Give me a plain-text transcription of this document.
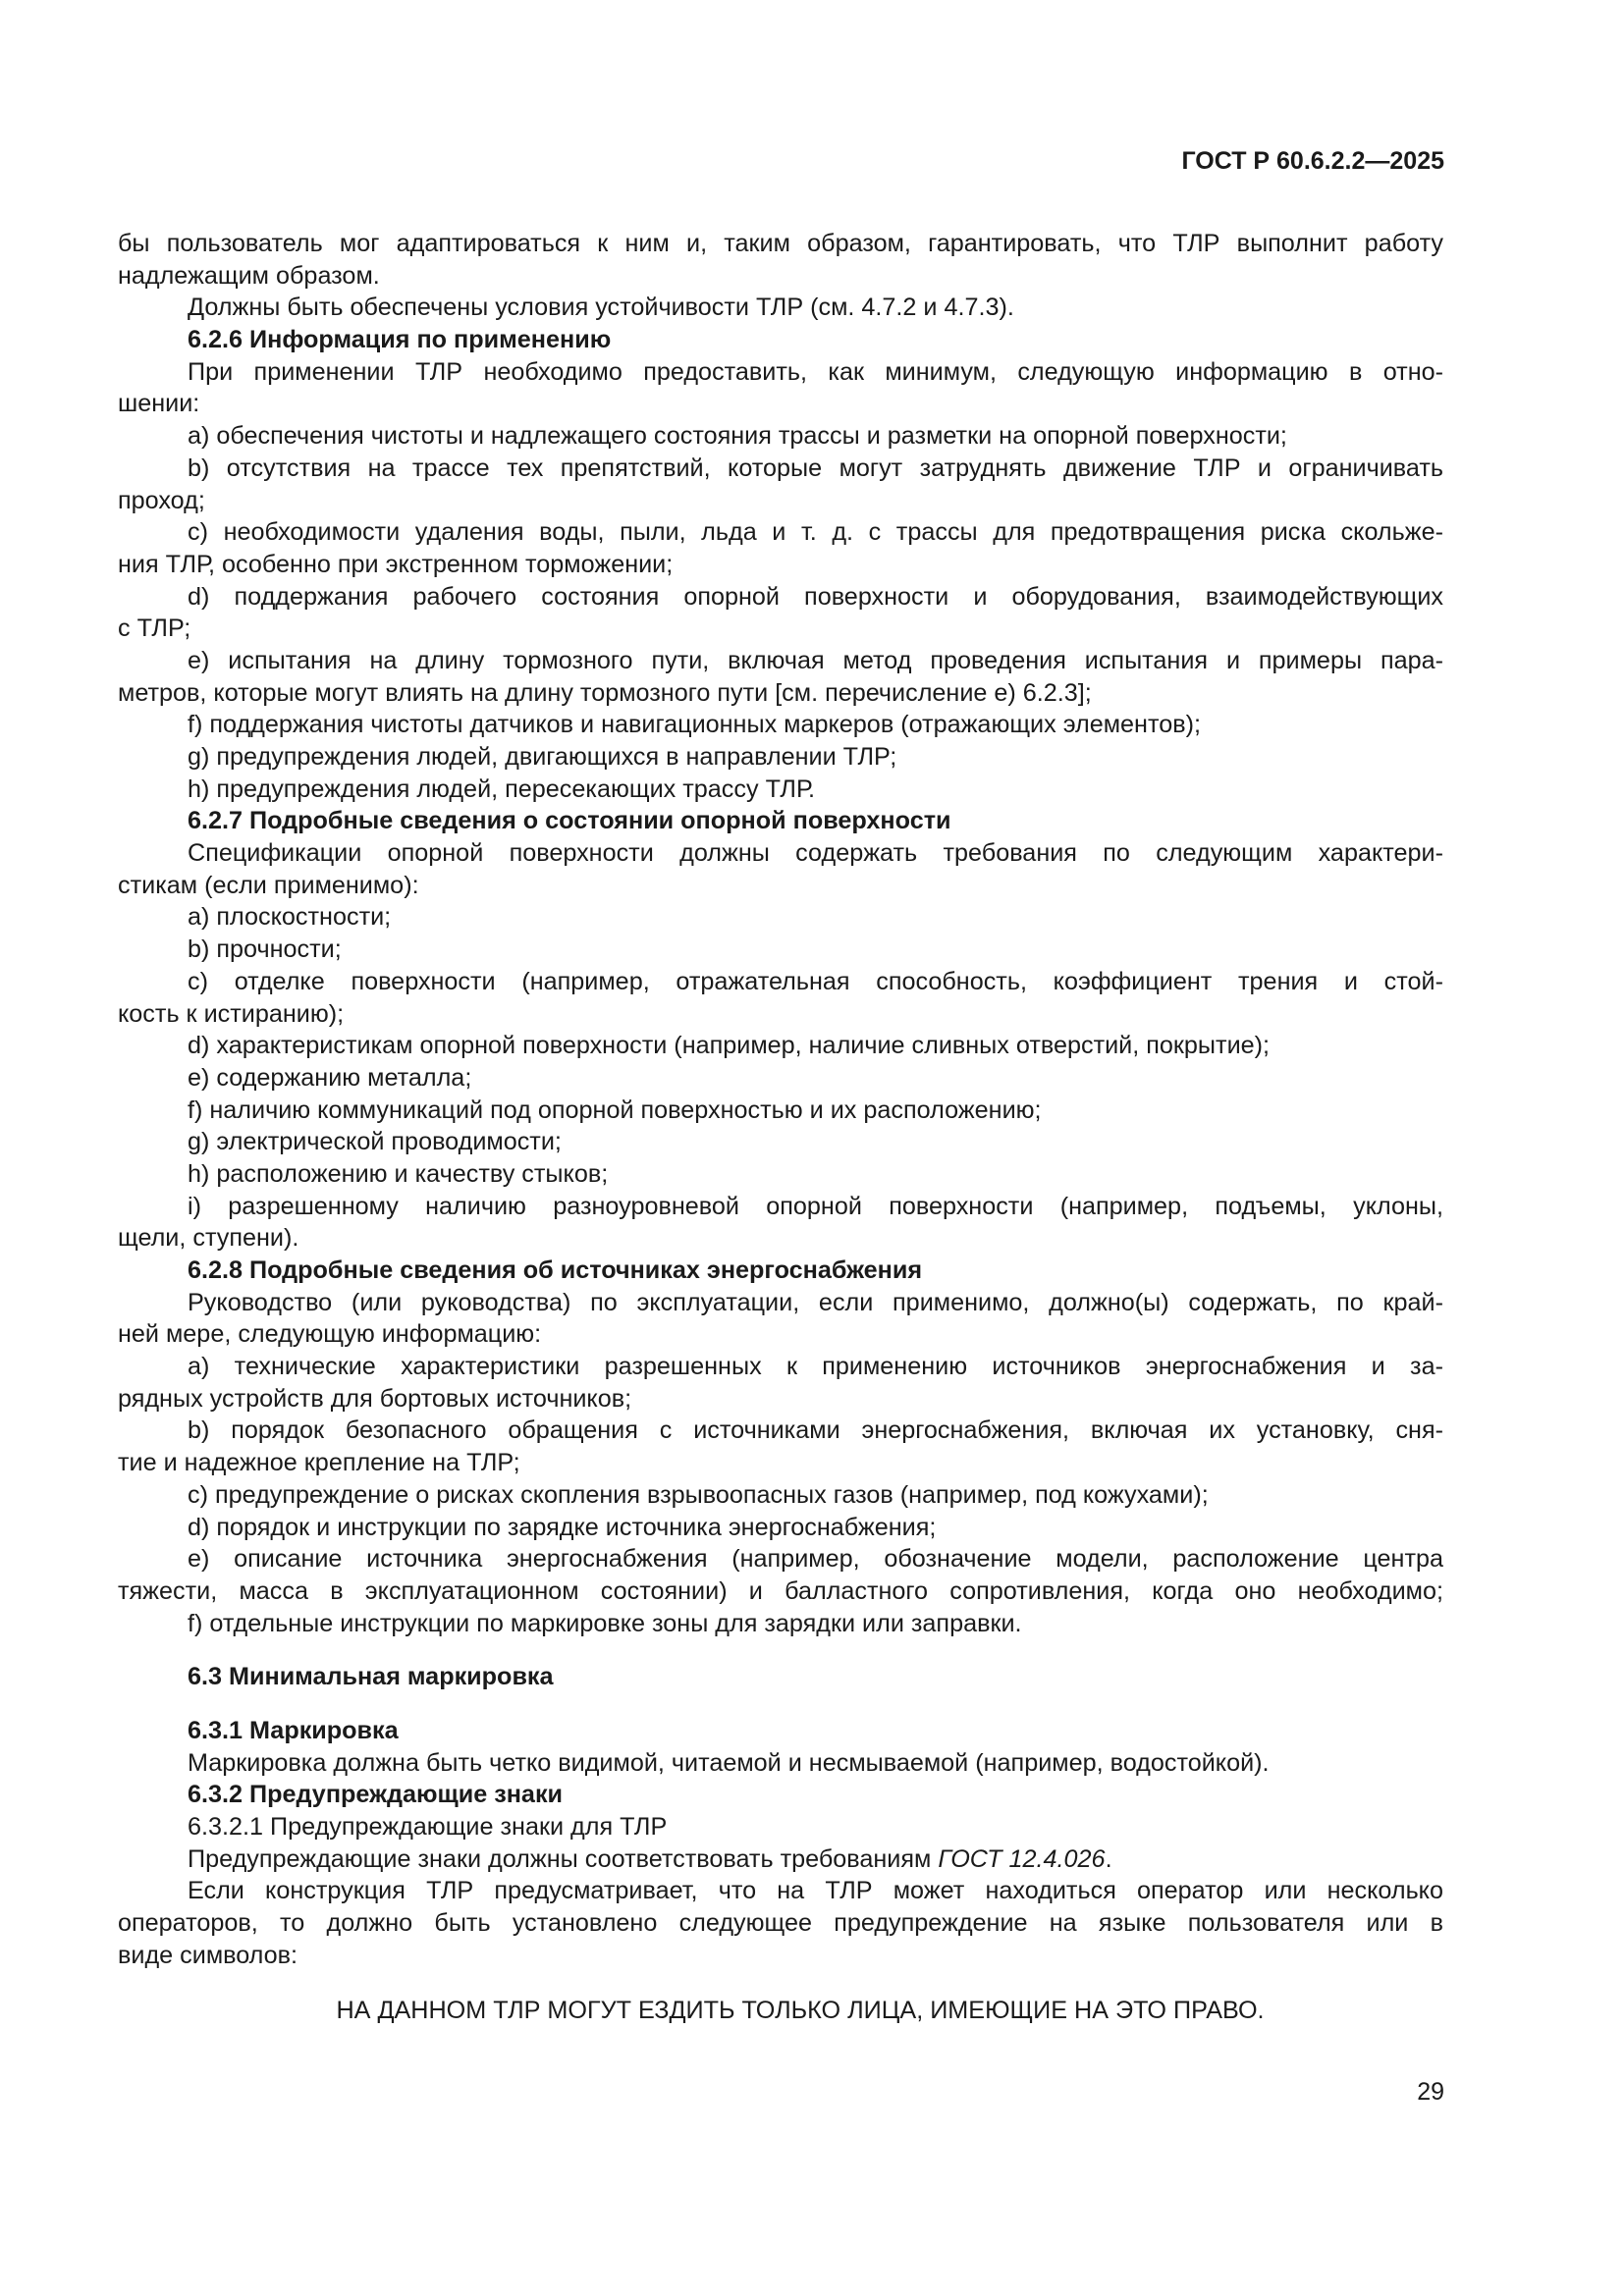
ГОСТ Р 60.6.2.2—2025
бы пользователь мог адаптироваться к ним и, таким образом, гарантировать, что ТЛР выполнит работу
надлежащим образом.
Должны быть обеспечены условия устойчивости ТЛР (см. 4.7.2 и 4.7.3).
6.2.6 Информация по применению
При применении ТЛР необходимо предоставить, как минимум, следующую информацию в отно-
шении:
a) обеспечения чистоты и надлежащего состояния трассы и разметки на опорной поверхности;
b) отсутствия на трассе тех препятствий, которые могут затруднять движение ТЛР и ограничивать
проход;
c) необходимости удаления воды, пыли, льда и т. д. с трассы для предотвращения риска скольже-
ния ТЛР, особенно при экстренном торможении;
d) поддержания рабочего состояния опорной поверхности и оборудования, взаимодействующих
с ТЛР;
e) испытания на длину тормозного пути, включая метод проведения испытания и примеры пара-
метров, которые могут влиять на длину тормозного пути [см. перечисление e) 6.2.3];
f) поддержания чистоты датчиков и навигационных маркеров (отражающих элементов);
g) предупреждения людей, двигающихся в направлении ТЛР;
h) предупреждения людей, пересекающих трассу ТЛР.
6.2.7 Подробные сведения о состоянии опорной поверхности
Спецификации опорной поверхности должны содержать требования по следующим характери-
стикам (если применимо):
a) плоскостности;
b) прочности;
c) отделке поверхности (например, отражательная способность, коэффициент трения и стой-
кость к истиранию);
d) характеристикам опорной поверхности (например, наличие сливных отверстий, покрытие);
e) содержанию металла;
f) наличию коммуникаций под опорной поверхностью и их расположению;
g) электрической проводимости;
h) расположению и качеству стыков;
i) разрешенному наличию разноуровневой опорной поверхности (например, подъемы, уклоны,
щели, ступени).
6.2.8 Подробные сведения об источниках энергоснабжения
Руководство (или руководства) по эксплуатации, если применимо, должно(ы) содержать, по край-
ней мере, следующую информацию:
a) технические характеристики разрешенных к применению источников энергоснабжения и за-
рядных устройств для бортовых источников;
b) порядок безопасного обращения с источниками энергоснабжения, включая их установку, сня-
тие и надежное крепление на ТЛР;
c) предупреждение о рисках скопления взрывоопасных газов (например, под кожухами);
d) порядок и инструкции по зарядке источника энергоснабжения;
e) описание источника энергоснабжения (например, обозначение модели, расположение центра
тяжести, масса в эксплуатационном состоянии) и балластного сопротивления, когда оно необходимо;
f) отдельные инструкции по маркировке зоны для зарядки или заправки.
6.3 Минимальная маркировка
6.3.1 Маркировка
Маркировка должна быть четко видимой, читаемой и несмываемой (например, водостойкой).
6.3.2 Предупреждающие знаки
6.3.2.1 Предупреждающие знаки для ТЛР
Предупреждающие знаки должны соответствовать требованиям ГОСТ 12.4.026.
Если конструкция ТЛР предусматривает, что на ТЛР может находиться оператор или несколько
операторов, то должно быть установлено следующее предупреждение на языке пользователя или в
виде символов:
НА ДАННОМ ТЛР МОГУТ ЕЗДИТЬ ТОЛЬКО ЛИЦА, ИМЕЮЩИЕ НА ЭТО ПРАВО.
29
